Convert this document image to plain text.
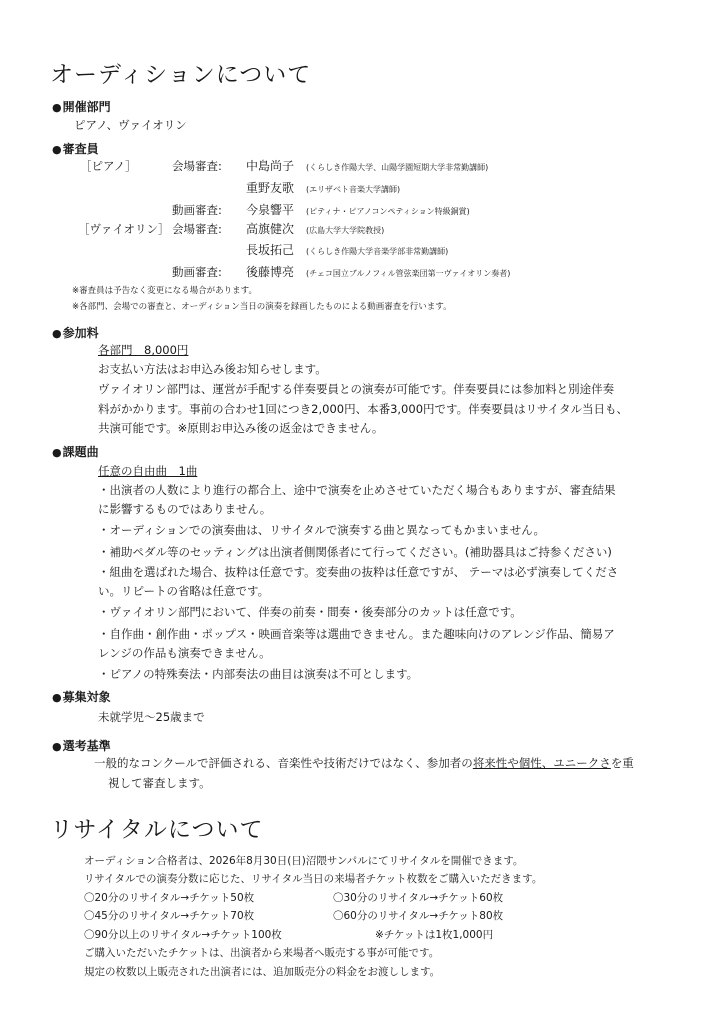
オーディションについて
● 開催部門
ピアノ、ヴァイオリン
● 審査員
［ピアノ］	会場審査: 中島尚子 (くらしき作陽大学、山陽学園短期大学非常勤講師)
重野友歌 (エリザベト音楽大学講師)
動画審査: 今泉響平 (ピティナ・ピアノコンペティション特級銅賞)
［ヴァイオリン］ 会場審査: 高旗健次 (広島大学大学院教授)
長坂拓己 (くらしき作陽大学音楽学部非常勤講師)
動画審査: 後藤博亮 (チェコ国立ブルノフィル管弦楽団第一ヴァイオリン奏者)
※審査員は予告なく変更になる場合があります。
※各部門、会場での審査と、オーディション当日の演奏を録画したものによる動画審査を行います。
● 参加料
各部門　8,000円
お支払い方法はお申込み後お知らせします。
ヴァイオリン部門は、運営が手配する伴奏要員との演奏が可能です。伴奏要員には参加料と別途伴奏
料がかかります。事前の合わせ1回につき2,000円、本番3,000円です。伴奏要員はリサイタル当日も、
共演可能です。※原則お申込み後の返金はできません。
● 課題曲
任意の自由曲　1曲
・出演者の人数により進行の都合上、途中で演奏を止めさせていただく場合もありますが、審査結果
に影響するものではありません。
・オーディションでの演奏曲は、リサイタルで演奏する曲と異なってもかまいません。
・補助ペダル等のセッティングは出演者側関係者にて行ってください。(補助器具はご持参ください)
・組曲を選ばれた場合、抜粋は任意です。変奏曲の抜粋は任意ですが、 テーマは必ず演奏してくださ
い。リピートの省略は任意です。
・ヴァイオリン部門において、伴奏の前奏・間奏・後奏部分のカットは任意です。
・自作曲・創作曲・ポップス・映画音楽等は選曲できません。また趣味向けのアレンジ作品、簡易ア
レンジの作品も演奏できません。
・ピアノの特殊奏法・内部奏法の曲目は演奏は不可とします。
● 募集対象
未就学児～25歳まで
● 選考基準
一般的なコンクールで評価される、音楽性や技術だけではなく、参加者の将来性や個性、ユニークさを重
視して審査します。
リサイタルについて
オーディション合格者は、2026年8月30日(日)沼隈サンパルにてリサイタルを開催できます。
リサイタルでの演奏分数に応じた、リサイタル当日の来場者チケット枚数をご購入いただきます。
〇20分のリサイタル→チケット50枚	〇30分のリサイタル→チケット60枚
〇45分のリサイタル→チケット70枚	〇60分のリサイタル→チケット80枚
〇90分以上のリサイタル→チケット100枚	※チケットは1枚1,000円
ご購入いただいたチケットは、出演者から来場者へ販売する事が可能です。
規定の枚数以上販売された出演者には、追加販売分の料金をお渡しします。
